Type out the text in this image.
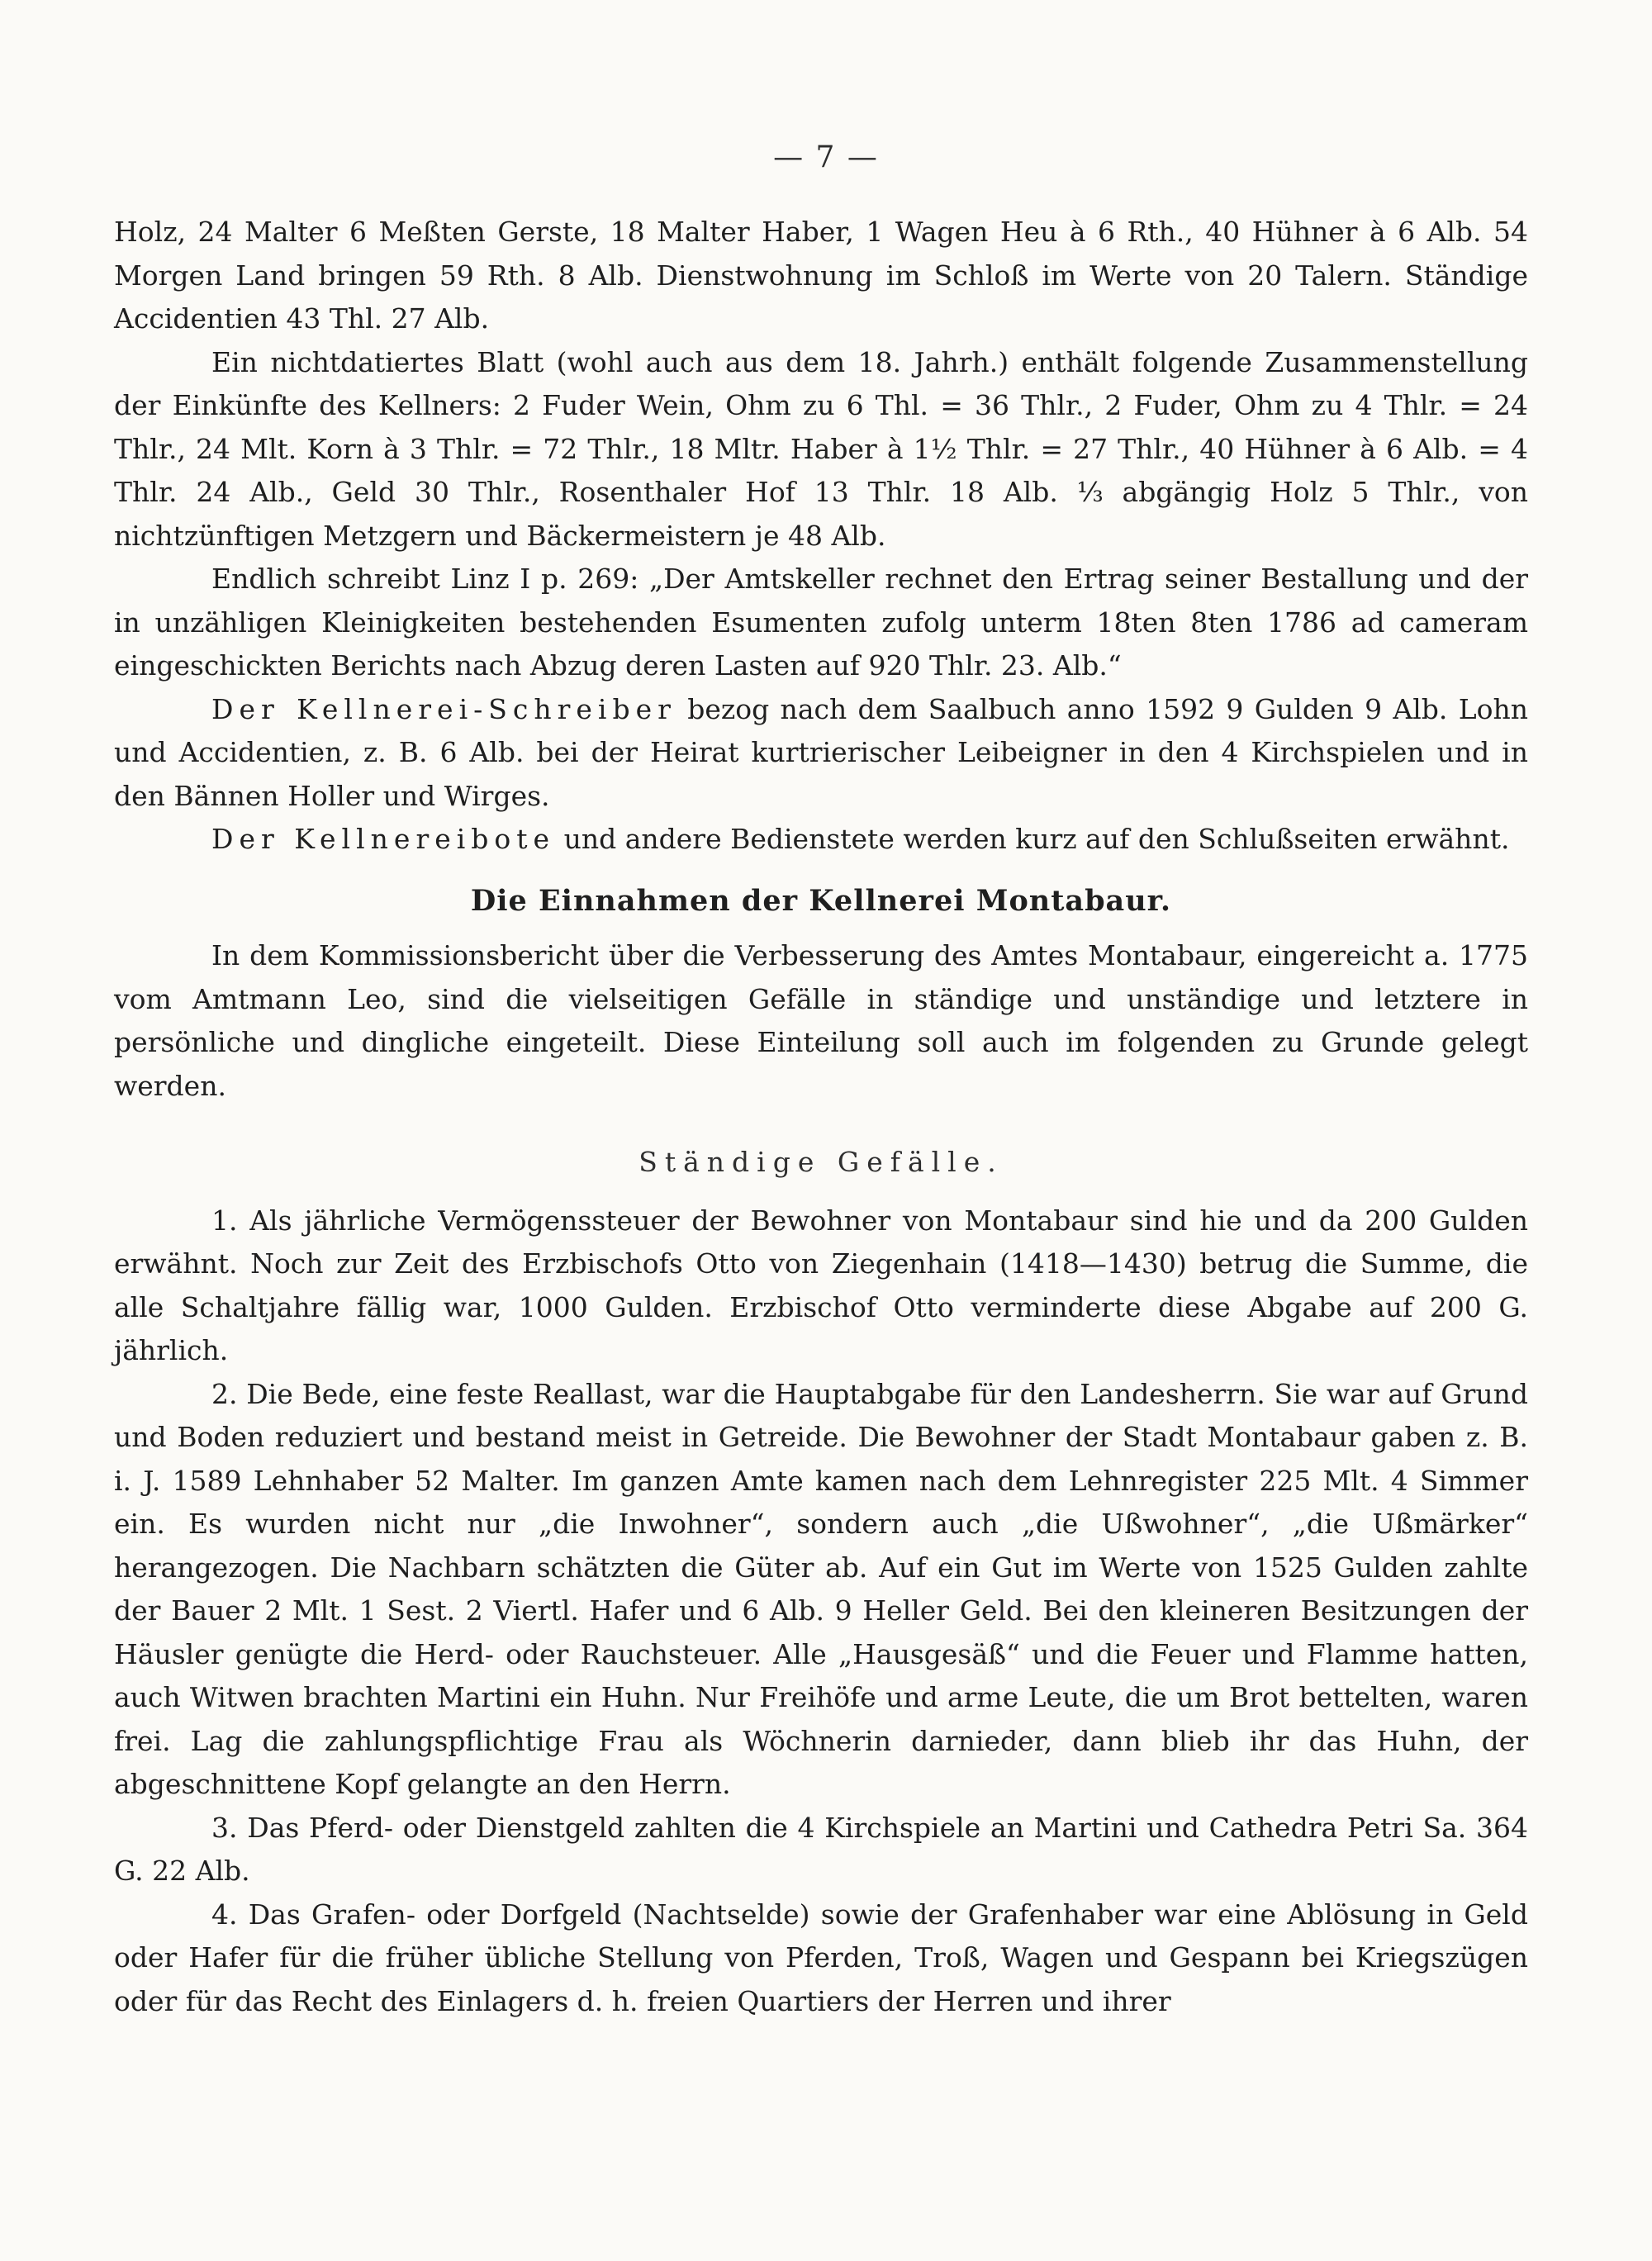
— 7 —

Holz, 24 Malter 6 Meßten Gerste, 18 Malter Haber, 1 Wagen Heu à 6 Rth., 40 Hühner à 6 Alb. 54 Morgen Land bringen 59 Rth. 8 Alb. Dienstwohnung im Schloß im Werte von 20 Talern. Ständige Accidentien 43 Thl. 27 Alb.

Ein nichtdatiertes Blatt (wohl auch aus dem 18. Jahrh.) enthält folgende Zusammenstellung der Einkünfte des Kellners: 2 Fuder Wein, Ohm zu 6 Thl. = 36 Thlr., 2 Fuder, Ohm zu 4 Thlr. = 24 Thlr., 24 Mlt. Korn à 3 Thlr. = 72 Thlr., 18 Mltr. Haber à 1½ Thlr. = 27 Thlr., 40 Hühner à 6 Alb. = 4 Thlr. 24 Alb., Geld 30 Thlr., Rosenthaler Hof 13 Thlr. 18 Alb. ⅓ abgängig Holz 5 Thlr., von nichtzünftigen Metzgern und Bäckermeistern je 48 Alb.

Endlich schreibt Linz I p. 269: „Der Amtskeller rechnet den Ertrag seiner Bestallung und der in unzähligen Kleinigkeiten bestehenden Esumenten zufolg unterm 18ten 8ten 1786 ad cameram eingeschickten Berichts nach Abzug deren Lasten auf 920 Thlr. 23. Alb.“

Der Kellnerei-Schreiber bezog nach dem Saalbuch anno 1592 9 Gulden 9 Alb. Lohn und Accidentien, z. B. 6 Alb. bei der Heirat kurtrierischer Leibeigner in den 4 Kirchspielen und in den Bännen Holler und Wirges.

Der Kellnereibote und andere Bedienstete werden kurz auf den Schlußseiten erwähnt.

Die Einnahmen der Kellnerei Montabaur.

In dem Kommissionsbericht über die Verbesserung des Amtes Montabaur, eingereicht a. 1775 vom Amtmann Leo, sind die vielseitigen Gefälle in ständige und unständige und letztere in persönliche und dingliche eingeteilt. Diese Einteilung soll auch im folgenden zu Grunde gelegt werden.

Ständige Gefälle.

1. Als jährliche Vermögenssteuer der Bewohner von Montabaur sind hie und da 200 Gulden erwähnt. Noch zur Zeit des Erzbischofs Otto von Ziegenhain (1418—1430) betrug die Summe, die alle Schaltjahre fällig war, 1000 Gulden. Erzbischof Otto verminderte diese Abgabe auf 200 G. jährlich.

2. Die Bede, eine feste Reallast, war die Hauptabgabe für den Landesherrn. Sie war auf Grund und Boden reduziert und bestand meist in Getreide. Die Bewohner der Stadt Montabaur gaben z. B. i. J. 1589 Lehnhaber 52 Malter. Im ganzen Amte kamen nach dem Lehnregister 225 Mlt. 4 Simmer ein. Es wurden nicht nur „die Inwohner“, sondern auch „die Ußwohner“, „die Ußmärker“ herangezogen. Die Nachbarn schätzten die Güter ab. Auf ein Gut im Werte von 1525 Gulden zahlte der Bauer 2 Mlt. 1 Sest. 2 Viertl. Hafer und 6 Alb. 9 Heller Geld. Bei den kleineren Besitzungen der Häusler genügte die Herd- oder Rauchsteuer. Alle „Hausgesäß“ und die Feuer und Flamme hatten, auch Witwen brachten Martini ein Huhn. Nur Freihöfe und arme Leute, die um Brot bettelten, waren frei. Lag die zahlungspflichtige Frau als Wöchnerin darnieder, dann blieb ihr das Huhn, der abgeschnittene Kopf gelangte an den Herrn.

3. Das Pferd- oder Dienstgeld zahlten die 4 Kirchspiele an Martini und Cathedra Petri Sa. 364 G. 22 Alb.

4. Das Grafen- oder Dorfgeld (Nachtselde) sowie der Grafenhaber war eine Ablösung in Geld oder Hafer für die früher übliche Stellung von Pferden, Troß, Wagen und Gespann bei Kriegszügen oder für das Recht des Einlagers d. h. freien Quartiers der Herren und ihrer
